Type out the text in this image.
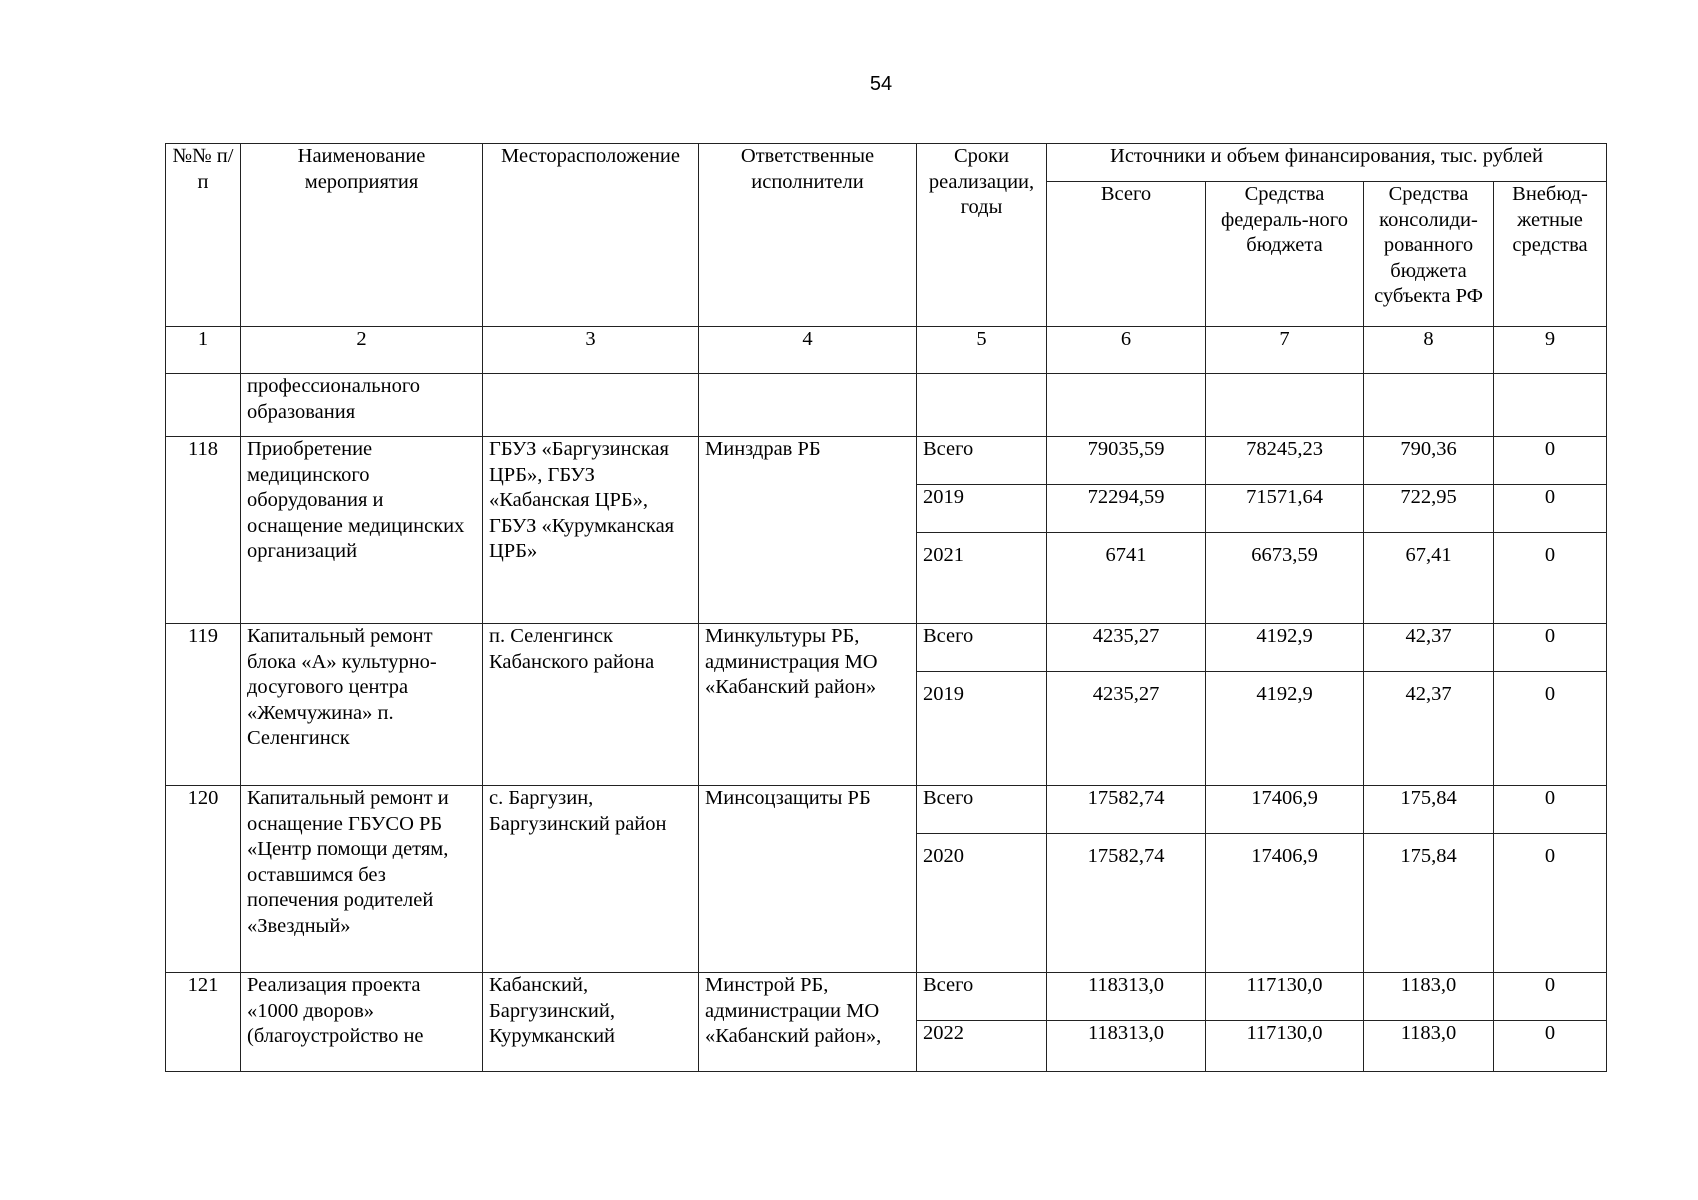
54
№№ п/п	Наименование мероприятия	Месторасположение	Ответственные исполнители	Сроки реализации, годы	Источники и объем финансирования, тыс. рублей			
					Всего	Средства федераль-ного бюджета	Средства консолиди-рованного бюджета субъекта РФ	Внебюд-жетные средства
1	2	3	4	5	6	7	8	9
	профессионального образования							
118	Приобретение медицинского оборудования и оснащение медицинских организаций	ГБУЗ «Баргузинская ЦРБ», ГБУЗ «Кабанская ЦРБ», ГБУЗ «Курумканская ЦРБ»	Минздрав РБ	Всего	79035,59	78245,23	790,36	0
				2019	72294,59	71571,64	722,95	0
				2021	6741	6673,59	67,41	0
119	Капитальный ремонт блока «А» культурно-досугового центра «Жемчужина» п. Селенгинск	п. Селенгинск Кабанского района	Минкультуры РБ, администрация МО «Кабанский район»	Всего	4235,27	4192,9	42,37	0
				2019	4235,27	4192,9	42,37	0
120	Капитальный ремонт и оснащение ГБУСО РБ «Центр помощи детям, оставшимся без попечения родителей «Звездный»	с. Баргузин, Баргузинский район	Минсоцзащиты РБ	Всего	17582,74	17406,9	175,84	0
				2020	17582,74	17406,9	175,84	0
121	Реализация проекта «1000 дворов» (благоустройство не	Кабанский, Баргузинский, Курумканский	Минстрой РБ, администрации МО «Кабанский район»,	Всего	118313,0	117130,0	1183,0	0
				2022	118313,0	117130,0	1183,0	0
